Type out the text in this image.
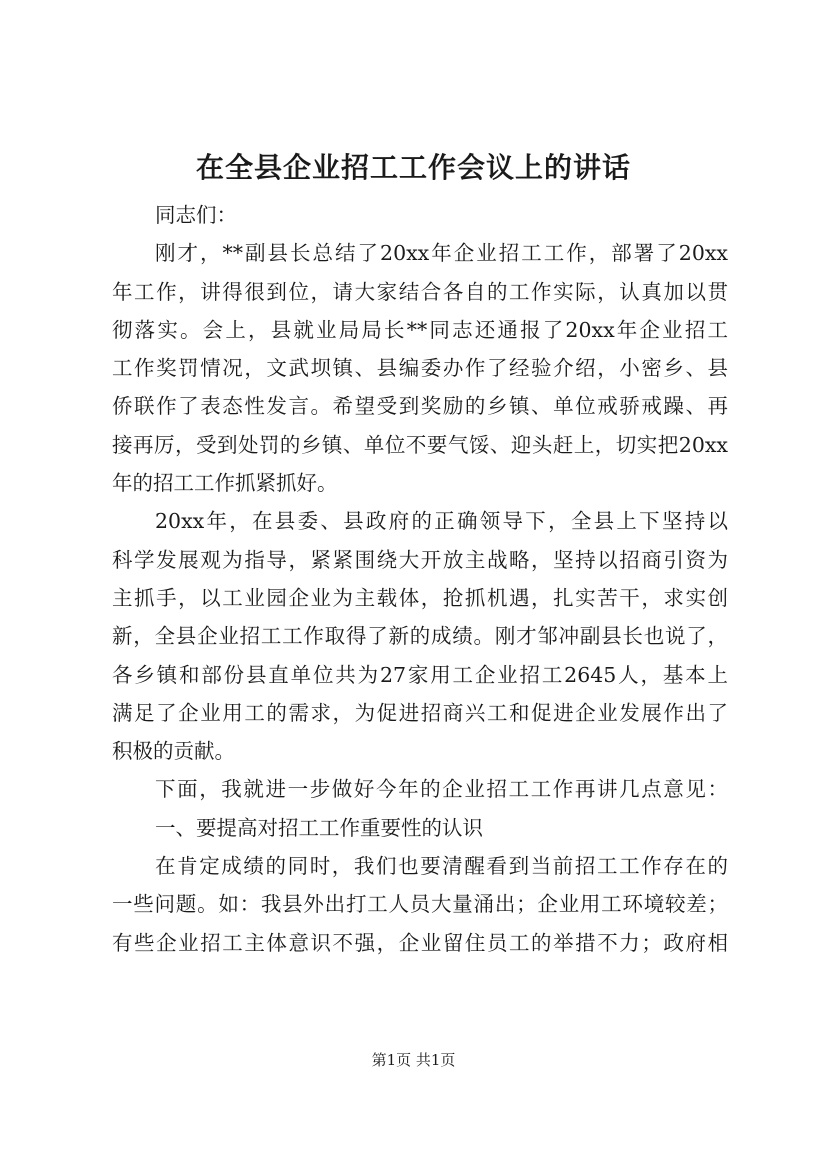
在全县企业招工工作会议上的讲话
同志们：
刚才，**副县长总结了20xx年企业招工工作，部署了20xx
年工作，讲得很到位，请大家结合各自的工作实际，认真加以贯
彻落实。会上，县就业局局长**同志还通报了20xx年企业招工
工作奖罚情况，文武坝镇、县编委办作了经验介绍，小密乡、县
侨联作了表态性发言。希望受到奖励的乡镇、单位戒骄戒躁、再
接再厉，受到处罚的乡镇、单位不要气馁、迎头赶上，切实把20xx
年的招工工作抓紧抓好。
20xx年，在县委、县政府的正确领导下，全县上下坚持以
科学发展观为指导，紧紧围绕大开放主战略，坚持以招商引资为
主抓手，以工业园企业为主载体，抢抓机遇，扎实苦干，求实创
新，全县企业招工工作取得了新的成绩。刚才邹冲副县长也说了，
各乡镇和部份县直单位共为27家用工企业招工2645人，基本上
满足了企业用工的需求，为促进招商兴工和促进企业发展作出了
积极的贡献。
下面，我就进一步做好今年的企业招工工作再讲几点意见：
一、要提高对招工工作重要性的认识
在肯定成绩的同时，我们也要清醒看到当前招工工作存在的
一些问题。如：我县外出打工人员大量涌出；企业用工环境较差；
有些企业招工主体意识不强，企业留住员工的举措不力；政府相
第1页 共1页
